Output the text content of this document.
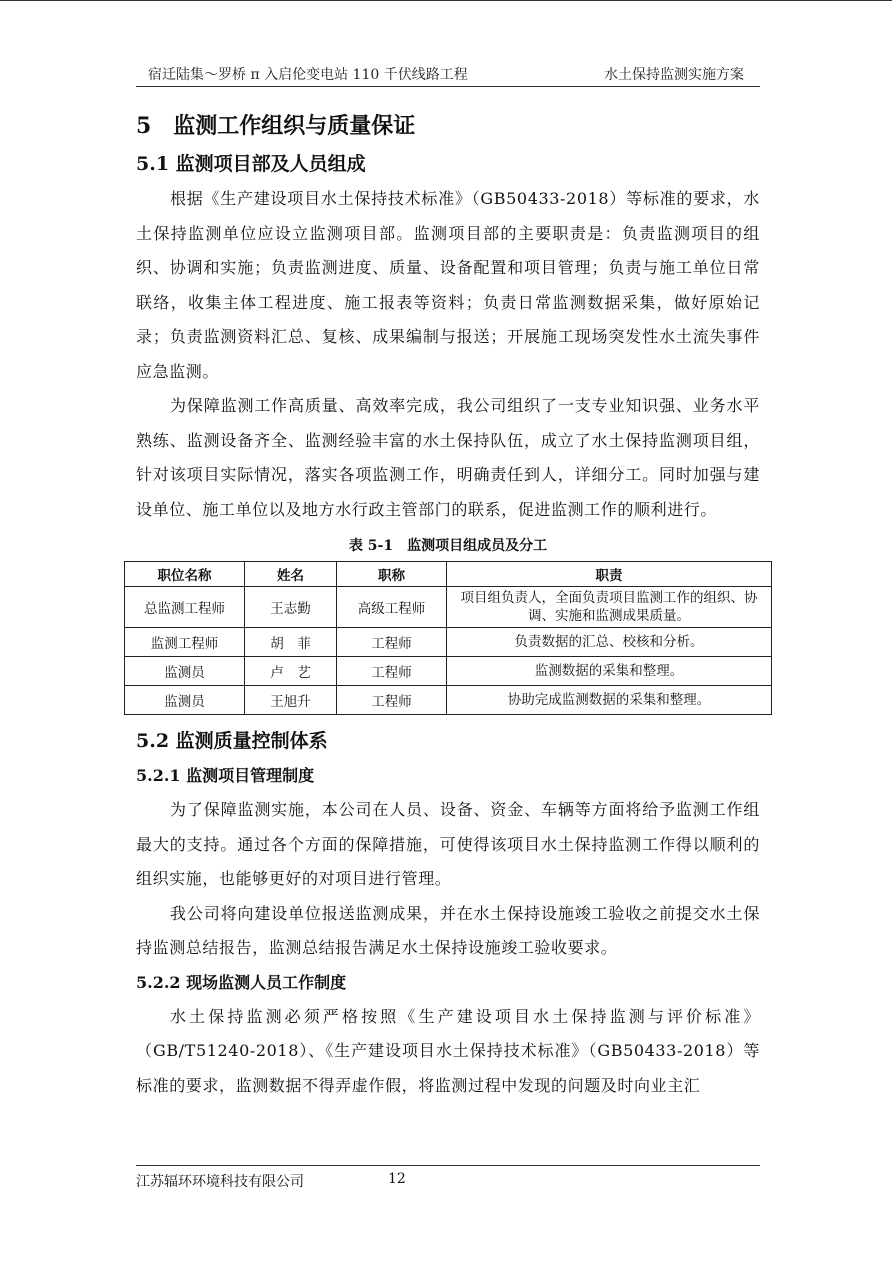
宿迁陆集～罗桥 π 入启伦变电站 110 千伏线路工程	水土保持监测实施方案
5　监测工作组织与质量保证
5.1 监测项目部及人员组成

根据《生产建设项目水土保持技术标准》（GB50433-2018）等标准的要求，水土保持监测单位应设立监测项目部。监测项目部的主要职责是：负责监测项目的组织、协调和实施；负责监测进度、质量、设备配置和项目管理；负责与施工单位日常联络，收集主体工程进度、施工报表等资料；负责日常监测数据采集，做好原始记录；负责监测资料汇总、复核、成果编制与报送；开展施工现场突发性水土流失事件应急监测。

为保障监测工作高质量、高效率完成，我公司组织了一支专业知识强、业务水平熟练、监测设备齐全、监测经验丰富的水土保持队伍，成立了水土保持监测项目组，针对该项目实际情况，落实各项监测工作，明确责任到人，详细分工。同时加强与建设单位、施工单位以及地方水行政主管部门的联系，促进监测工作的顺利进行。

表 5-1　监测项目组成员及分工
职位名称	姓名	职称	职责
总监测工程师	王志勤	高级工程师	项目组负责人，全面负责项目监测工作的组织、协调、实施和监测成果质量。
监测工程师	胡　菲	工程师	负责数据的汇总、校核和分析。
监测员	卢　艺	工程师	监测数据的采集和整理。
监测员	王旭升	工程师	协助完成监测数据的采集和整理。
5.2 监测质量控制体系
5.2.1 监测项目管理制度

为了保障监测实施，本公司在人员、设备、资金、车辆等方面将给予监测工作组最大的支持。通过各个方面的保障措施，可使得该项目水土保持监测工作得以顺利的组织实施，也能够更好的对项目进行管理。

我公司将向建设单位报送监测成果，并在水土保持设施竣工验收之前提交水土保持监测总结报告，监测总结报告满足水土保持设施竣工验收要求。

5.2.2 现场监测人员工作制度

水土保持监测必须严格按照《生产建设项目水土保持监测与评价标准》（GB/T51240-2018）、《生产建设项目水土保持技术标准》（GB50433-2018）等标准的要求，监测数据不得弄虚作假，将监测过程中发现的问题及时向业主汇

江苏辐环环境科技有限公司	12
